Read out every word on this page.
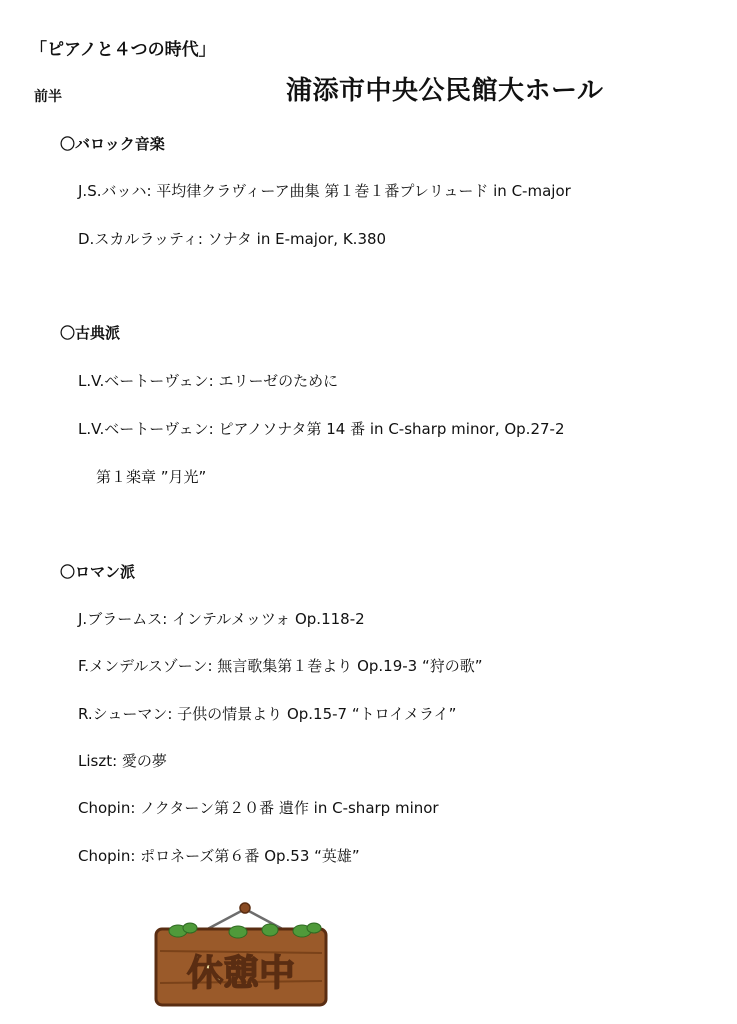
「ピアノと４つの時代」
前半	浦添市中央公民館大ホール
〇バロック音楽
J.S.バッハ: 平均律クラヴィーア曲集 第１巻１番プレリュード in C-major
D.スカルラッティ: ソナタ in E-major, K.380
〇古典派
L.V.ベートーヴェン: エリーゼのために
L.V.ベートーヴェン: ピアノソナタ第 14 番 in C-sharp minor, Op.27-2
第１楽章 ”月光”
〇ロマン派
J.ブラームス: インテルメッツォ Op.118-2
F.メンデルスゾーン: 無言歌集第１巻より Op.19-3 “狩の歌”
R.シューマン: 子供の情景より Op.15-7 “トロイメライ”
Liszt: 愛の夢
Chopin: ノクターン第２０番 遺作 in C-sharp minor
Chopin: ポロネーズ第６番 Op.53 “英雄”
休憩中
